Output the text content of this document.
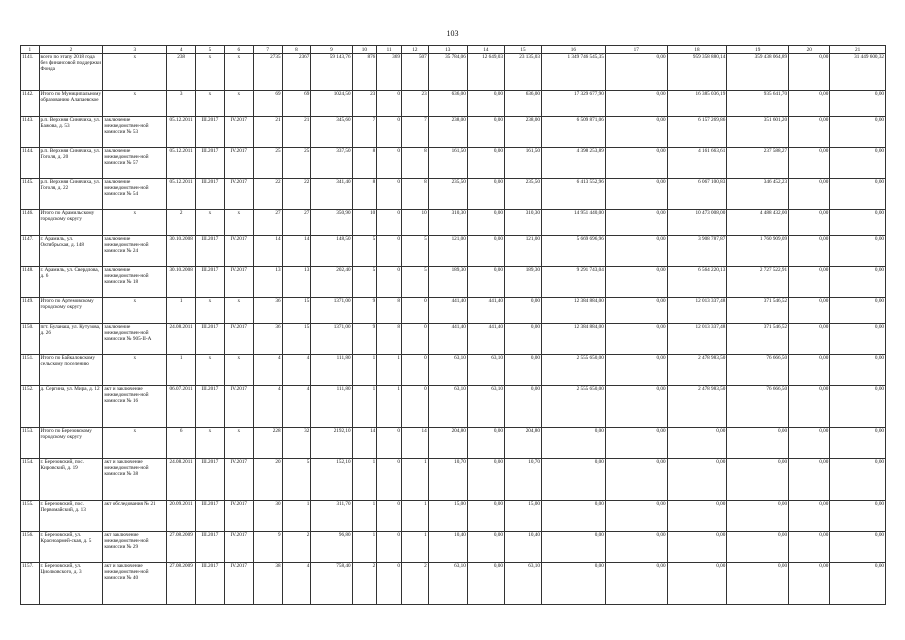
103
1	2	3	4	5	6	7	8	9	10	11	12	13	14	15	16	17	18	19	20	21
1141.	всего по этапу 2018 года без финансовой поддержки Фонда	х	238	х	х	2735	2367	59 143,76	876	369	507	35 784,06	12 649,03	23 135,03	1 349 746 545,35	0,00	959 358 880,14	359 438 064,89	0,00	31 449 600,32
1142.	Итого по Муниципальному образованию Алапаевское	х	3	х	х	69	69	1024,50	23	0	23	636,00	0,00	636,00	17 329 677,90	0,00	16 385 036,19	935 641,70	0,00	0,00
1143.	р.п. Верхняя Синячиха, ул. Бажова, д. 53	заключение межведомствен-ной комиссии № 53	05.12.2011	III.2017	IV.2017	21	21	345,60	7	0	7	238,00	0,00	238,00	6 509 871,06	0,00	6 157 269,86	351 601,20	0,00	0,00
1144.	р.п. Верхняя Синячиха, ул. Гоголя, д. 20	заключение межведомствен-ной комиссии № 57	05.12.2011	III.2017	IV.2017	25	25	337,50	8	0	8	161,50	0,00	161,50	4 398 253,89	0,00	4 161 663,61	237 588,27	0,00	0,00
1145.	р.п. Верхняя Синячиха, ул. Гоголя, д. 22	заключение межведомствен-ной комиссии № 54	05.12.2011	III.2017	IV.2017	22	22	341,40	8	0	8	235,50	0,00	235,50	6 413 552,96	0,00	6 067 100,83	346 452,23	0,00	0,00
1146.	Итого по Арамильскому городскому округу	х	2	х	х	27	27	350,90	10	0	10	310,30	0,00	310,30	14 951 440,00	0,00	10 473 008,00	4 488 432,00	0,00	0,00
1147.	г. Арамиль, ул. Октябрьская, д. 148	заключение межведомствен-ной комиссии № 24	30.10.2008	III.2017	IV.2017	14	14	148,50	5	0	5	121,00	0,00	121,00	5 669 696,96	0,00	3 908 787,87	1 760 909,09	0,00	0,00
1148.	г. Арамиль, ул. Свердлова, д. 6	заключение межведомствен-ной комиссии № 18	30.10.2008	III.2017	IV.2017	13	13	202,40	5	0	5	189,30	0,00	189,30	9 291 743,04	0,00	6 564 220,13	2 727 522,91	0,00	0,00
1149.	Итого по Артемовскому городскому округу	х	1	х	х	36	15	1371,00	9	8	0	441,40	441,40	0,00	12 384 884,00	0,00	12 013 337,48	371 546,52	0,00	0,00
1150.	пгт. Буланаш, ул. Кутузова, д. 26	заключение межведомствен-ной комиссии № 905-II-A	24.08.2011	III.2017	IV.2017	36	15	1371,00	9	8	0	441,40	441,40	0,00	12 384 884,00	0,00	12 013 337,48	371 546,52	0,00	0,00
1151.	Итого по Байкаловскому сельскому поселению	х	1	х	х	4	4	111,80	1	1	0	63,10	63,10	0,00	2 555 650,00	0,00	2 478 983,50	76 666,50	0,00	0,00
1152.	д. Сергина, ул. Мира, д. 12	акт и заключение межведомствен-ной комиссии № 16	06.07.2011	III.2017	IV.2017	4	4	111,80	1	1	0	63,10	63,10	0,00	2 555 650,00	0,00	2 478 983,50	76 666,50	0,00	0,00
1153.	Итого по Березовскому городскому округу	х	6	х	х	228	32	2192,10	14	0	14	204,80	0,00	204,80	0,00	0,00	0,00	0,00	0,00	0,00
1154.	г. Березовский, пос. Кировский, д. 19	акт и заключение межведомствен-ной комиссии № 38	24.08.2011	III.2017	IV.2017	20	5	152,10	1	0	1	10,70	0,00	10,70	0,00	0,00	0,00	0,00	0,00	0,00
1155.	г. Березовский, пос. Первомайский, д. 13	акт обследования № 21	20.09.2011	III.2017	IV.2017	30	1	311,70	1	0	1	15,00	0,00	15,00	0,00	0,00	0,00	0,00	0,00	0,00
1156.	г. Березовский, ул. Красноармей-ская, д. 5	акт заключение межведомствен-ной комиссии № 29	27.08.2009	III.2017	IV.2017	9	2	96,80	1	0	1	10,40	0,00	10,40	0,00	0,00	0,00	0,00	0,00	0,00
1157.	г. Березовский, ул. Циолковского, д. 3	акт и заключение межведомствен-ной комиссии № 40	27.08.2009	III.2017	IV.2017	38	4	758,40	2	0	2	63,10	0,00	63,10	0,00	0,00	0,00	0,00	0,00	0,00
